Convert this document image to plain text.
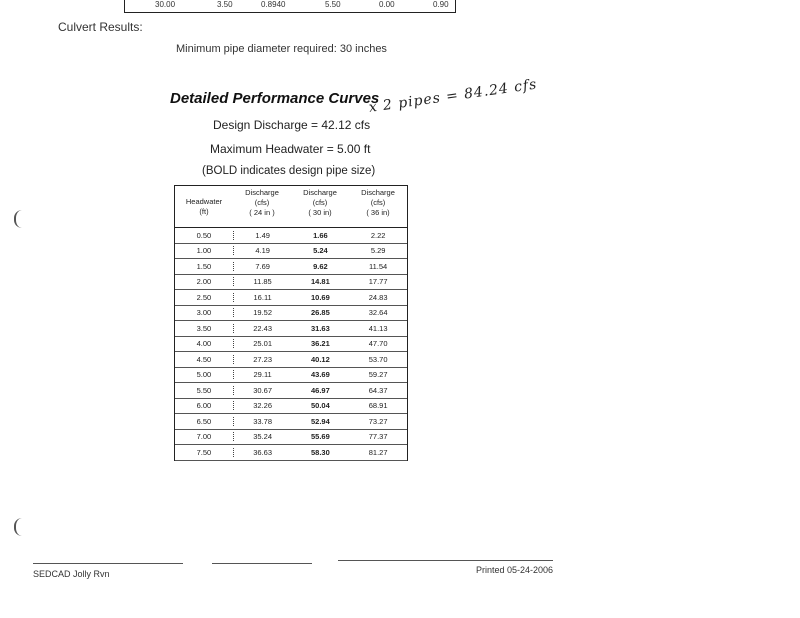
30.00	3.50	0.8940	5.50	0.00	0.90
Culvert Results:
Minimum pipe diameter required: 30 inches
Detailed Performance Curves
Design Discharge = 42.12 cfs
x 2 pipes = 84.24 cfs
Maximum Headwater = 5.00 ft
(BOLD indicates design pipe size)
Headwater
(ft)
Discharge
(cfs)
( 24 in )
Discharge
(cfs)
( 30 in)
Discharge
(cfs)
( 36 in)
0.50	1.49	1.66	2.22
1.00	4.19	5.24	5.29
1.50	7.69	9.62	11.54
2.00	11.85	14.81	17.77
2.50	16.11	10.69	24.83
3.00	19.52	26.85	32.64
3.50	22.43	31.63	41.13
4.00	25.01	36.21	47.70
4.50	27.23	40.12	53.70
5.00	29.11	43.69	59.27
5.50	30.67	46.97	64.37
6.00	32.26	50.04	68.91
6.50	33.78	52.94	73.27
7.00	35.24	55.69	77.37
7.50	36.63	58.30	81.27
SEDCAD Jolly Rvn	Printed 05-24-2006
